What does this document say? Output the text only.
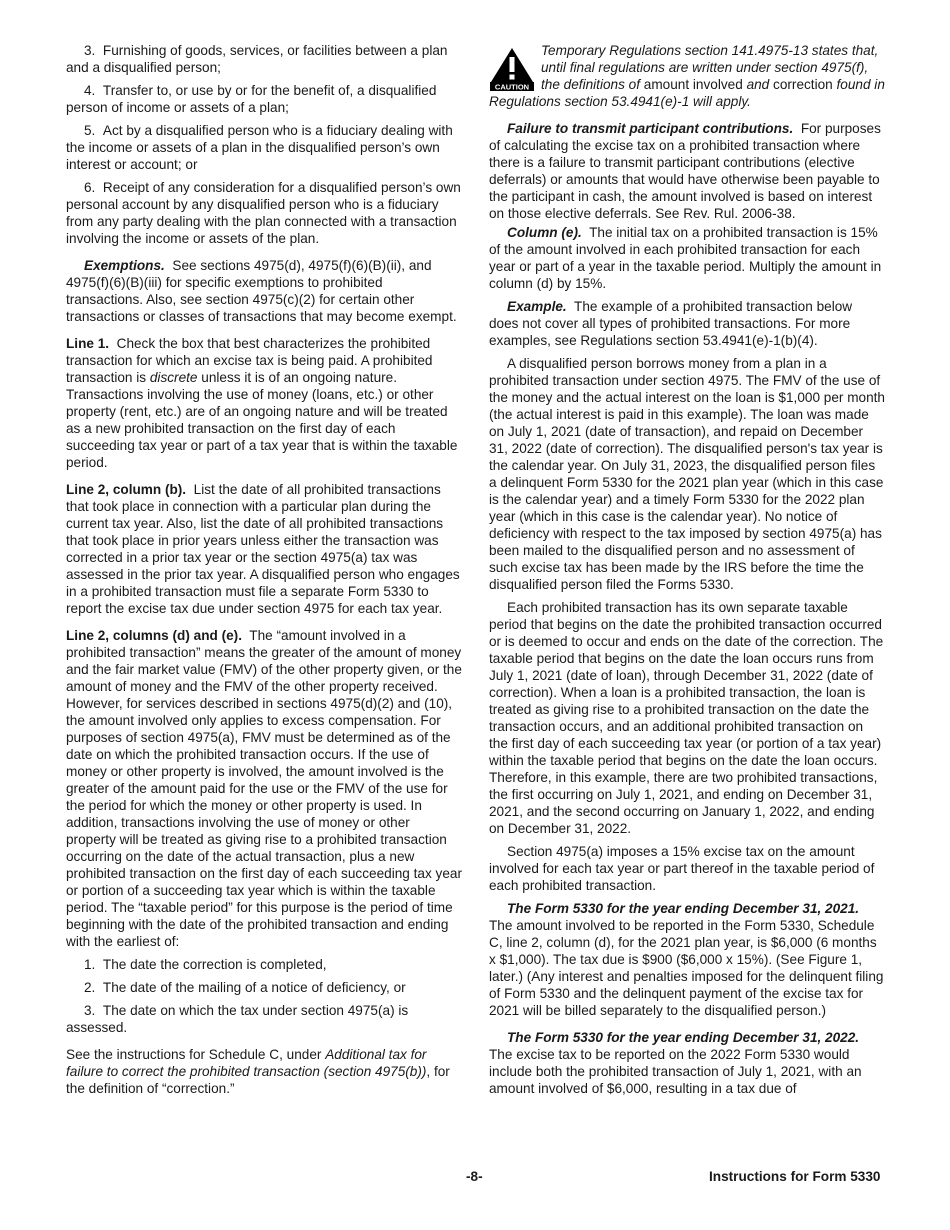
3. Furnishing of goods, services, or facilities between a plan and a disqualified person;

4. Transfer to, or use by or for the benefit of, a disqualified person of income or assets of a plan;

5. Act by a disqualified person who is a fiduciary dealing with the income or assets of a plan in the disqualified person’s own interest or account; or

6. Receipt of any consideration for a disqualified person’s own personal account by any disqualified person who is a fiduciary from any party dealing with the plan connected with a transaction involving the income or assets of the plan.

Exemptions. See sections 4975(d), 4975(f)(6)(B)(ii), and 4975(f)(6)(B)(iii) for specific exemptions to prohibited transactions. Also, see section 4975(c)(2) for certain other transactions or classes of transactions that may become exempt.

Line 1. Check the box that best characterizes the prohibited transaction for which an excise tax is being paid. A prohibited transaction is discrete unless it is of an ongoing nature. Transactions involving the use of money (loans, etc.) or other property (rent, etc.) are of an ongoing nature and will be treated as a new prohibited transaction on the first day of each succeeding tax year or part of a tax year that is within the taxable period.

Line 2, column (b). List the date of all prohibited transactions that took place in connection with a particular plan during the current tax year. Also, list the date of all prohibited transactions that took place in prior years unless either the transaction was corrected in a prior tax year or the section 4975(a) tax was assessed in the prior tax year. A disqualified person who engages in a prohibited transaction must file a separate Form 5330 to report the excise tax due under section 4975 for each tax year.

Line 2, columns (d) and (e). The “amount involved in a prohibited transaction” means the greater of the amount of money and the fair market value (FMV) of the other property given, or the amount of money and the FMV of the other property received. However, for services described in sections 4975(d)(2) and (10), the amount involved only applies to excess compensation. For purposes of section 4975(a), FMV must be determined as of the date on which the prohibited transaction occurs. If the use of money or other property is involved, the amount involved is the greater of the amount paid for the use or the FMV of the use for the period for which the money or other property is used. In addition, transactions involving the use of money or other property will be treated as giving rise to a prohibited transaction occurring on the date of the actual transaction, plus a new prohibited transaction on the first day of each succeeding tax year or portion of a succeeding tax year which is within the taxable period. The “taxable period” for this purpose is the period of time beginning with the date of the prohibited transaction and ending with the earliest of:

1. The date the correction is completed,

2. The date of the mailing of a notice of deficiency, or

3. The date on which the tax under section 4975(a) is assessed.

See the instructions for Schedule C, under Additional tax for failure to correct the prohibited transaction (section 4975(b)), for the definition of “correction.”

CAUTION

Temporary Regulations section 141.4975-13 states that, until final regulations are written under section 4975(f), the definitions of amount involved and correction found in Regulations section 53.4941(e)-1 will apply.

Failure to transmit participant contributions. For purposes of calculating the excise tax on a prohibited transaction where there is a failure to transmit participant contributions (elective deferrals) or amounts that would have otherwise been payable to the participant in cash, the amount involved is based on interest on those elective deferrals. See Rev. Rul. 2006-38.

Column (e). The initial tax on a prohibited transaction is 15% of the amount involved in each prohibited transaction for each year or part of a year in the taxable period. Multiply the amount in column (d) by 15%.

Example. The example of a prohibited transaction below does not cover all types of prohibited transactions. For more examples, see Regulations section 53.4941(e)-1(b)(4).

A disqualified person borrows money from a plan in a prohibited transaction under section 4975. The FMV of the use of the money and the actual interest on the loan is $1,000 per month (the actual interest is paid in this example). The loan was made on July 1, 2021 (date of transaction), and repaid on December 31, 2022 (date of correction). The disqualified person's tax year is the calendar year. On July 31, 2023, the disqualified person files a delinquent Form 5330 for the 2021 plan year (which in this case is the calendar year) and a timely Form 5330 for the 2022 plan year (which in this case is the calendar year). No notice of deficiency with respect to the tax imposed by section 4975(a) has been mailed to the disqualified person and no assessment of such excise tax has been made by the IRS before the time the disqualified person filed the Forms 5330.

Each prohibited transaction has its own separate taxable period that begins on the date the prohibited transaction occurred or is deemed to occur and ends on the date of the correction. The taxable period that begins on the date the loan occurs runs from July 1, 2021 (date of loan), through December 31, 2022 (date of correction). When a loan is a prohibited transaction, the loan is treated as giving rise to a prohibited transaction on the date the transaction occurs, and an additional prohibited transaction on the first day of each succeeding tax year (or portion of a tax year) within the taxable period that begins on the date the loan occurs. Therefore, in this example, there are two prohibited transactions, the first occurring on July 1, 2021, and ending on December 31, 2021, and the second occurring on January 1, 2022, and ending on December 31, 2022.

Section 4975(a) imposes a 15% excise tax on the amount involved for each tax year or part thereof in the taxable period of each prohibited transaction.

The Form 5330 for the year ending December 31, 2021. The amount involved to be reported in the Form 5330, Schedule C, line 2, column (d), for the 2021 plan year, is $6,000 (6 months x $1,000). The tax due is $900 ($6,000 x 15%). (See Figure 1, later.) (Any interest and penalties imposed for the delinquent filing of Form 5330 and the delinquent payment of the excise tax for 2021 will be billed separately to the disqualified person.)

The Form 5330 for the year ending December 31, 2022. The excise tax to be reported on the 2022 Form 5330 would include both the prohibited transaction of July 1, 2021, with an amount involved of $6,000, resulting in a tax due of

-8-	Instructions for Form 5330
